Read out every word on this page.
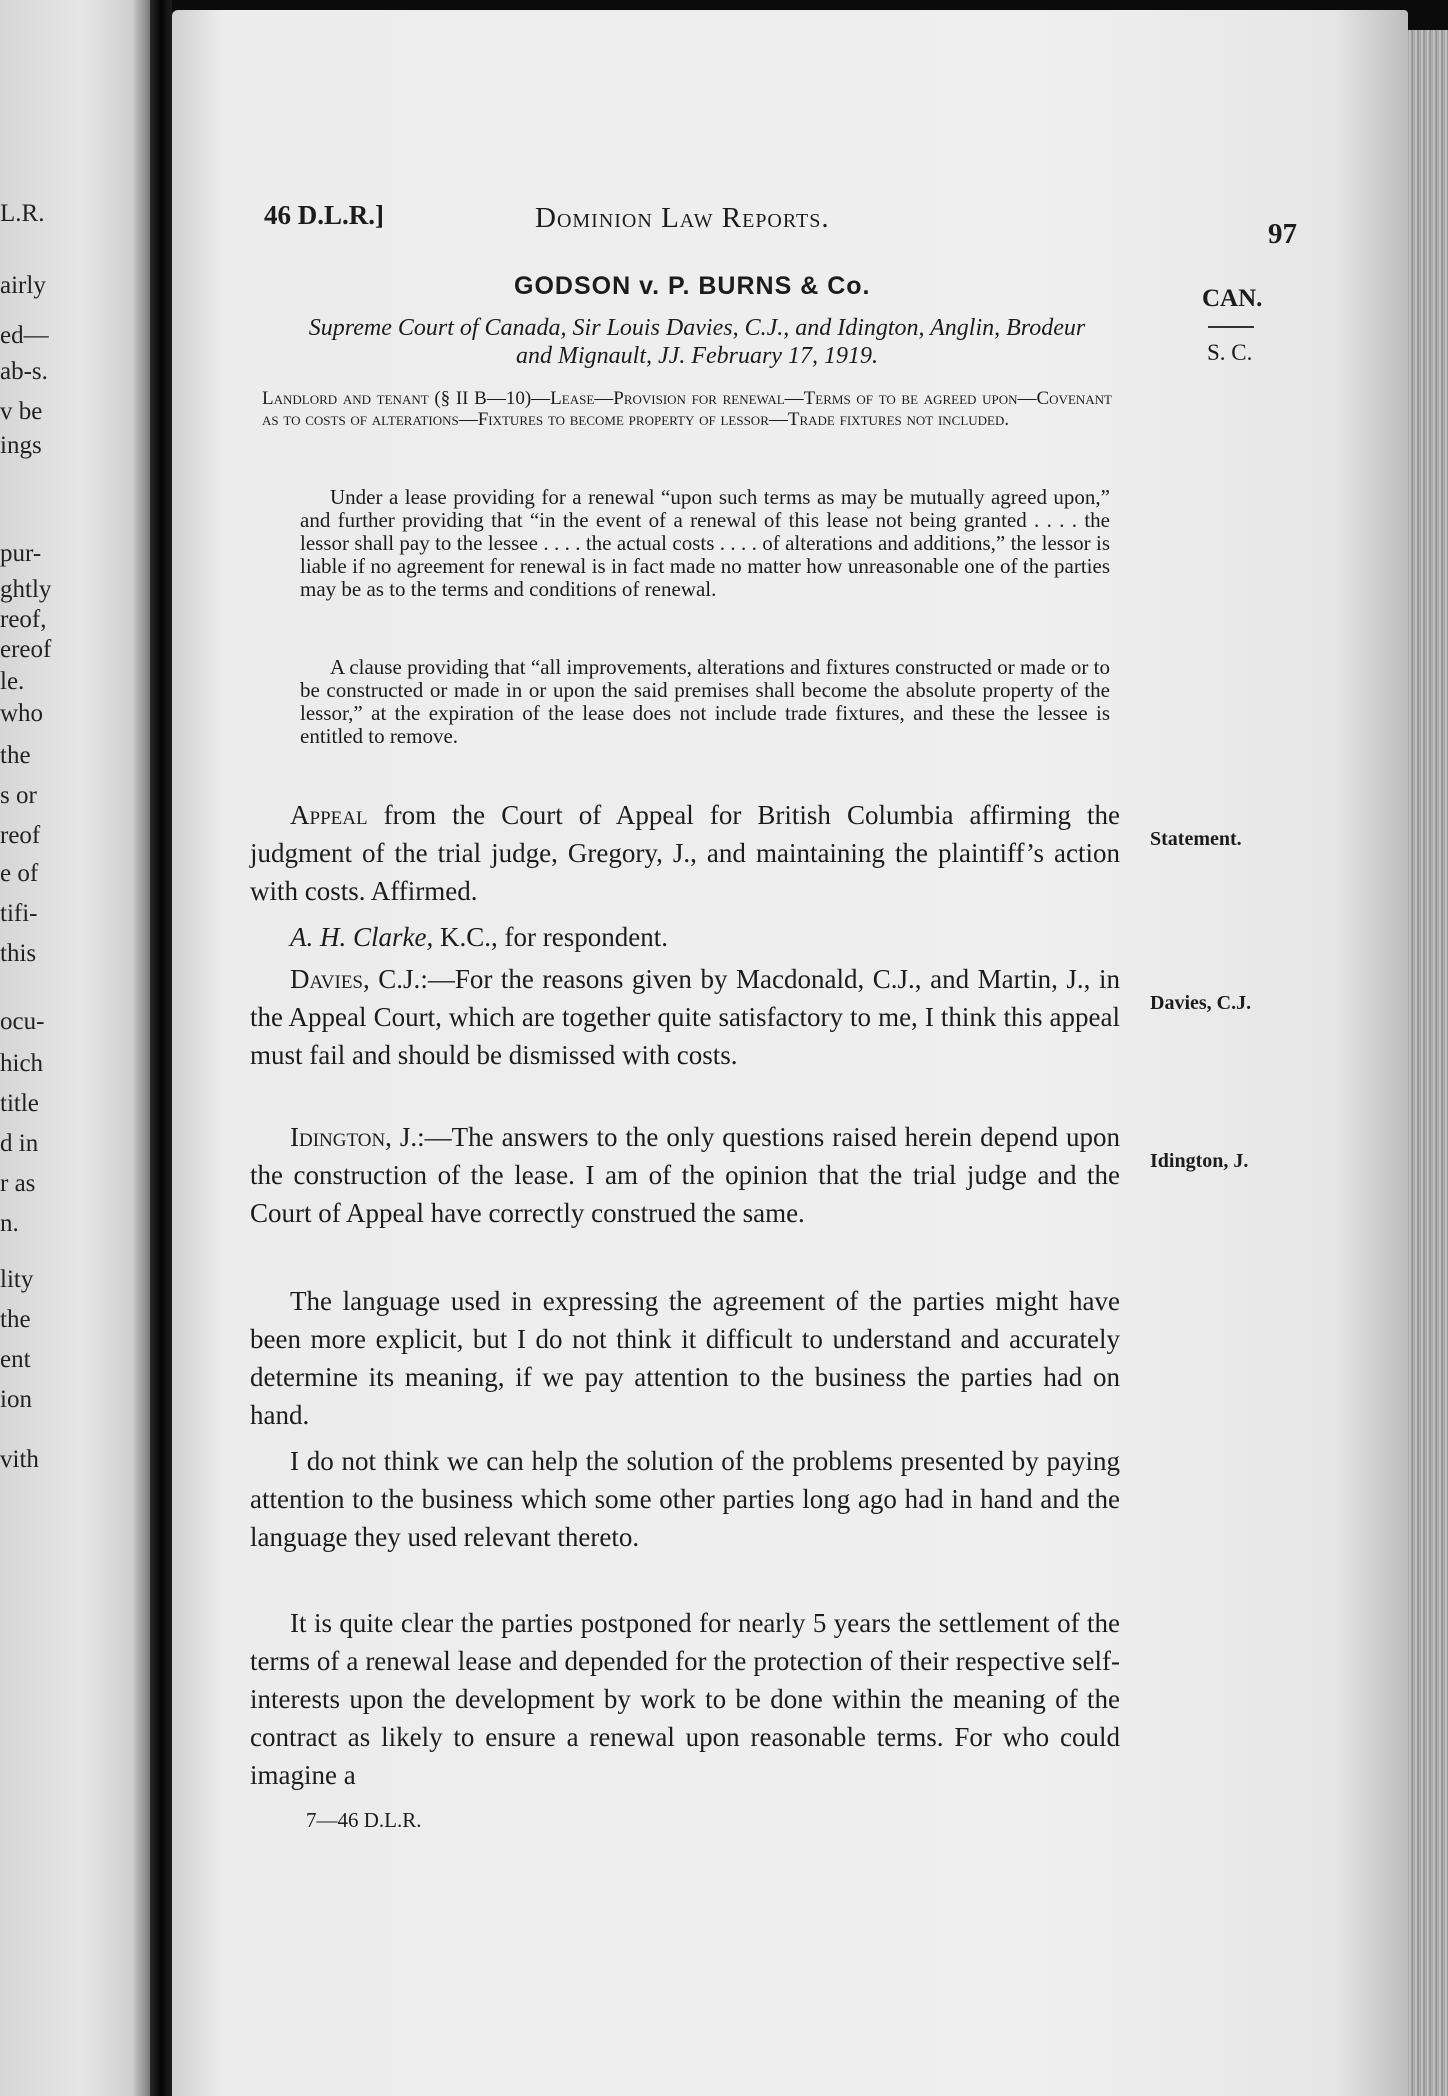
L.R.
airly
ed—
ab-s.
v be
ings
pur-
ghtly
reof,
ereof
le.
who
the
s or
reof
e of
tifi-
this
ocu-
hich
title
d in
r as
n.
lity
the
ent
ion
vith
46 D.L.R.]	Dominion Law Reports.	97
GODSON v. P. BURNS & Co.
Supreme Court of Canada, Sir Louis Davies, C.J., and Idington, Anglin, Brodeur and Mignault, JJ. February 17, 1919.
CAN.
S. C.
Landlord and tenant (§ II B—10)—Lease—Provision for renewal—Terms of to be agreed upon—Covenant as to costs of alterations—Fixtures to become property of lessor—Trade fixtures not included.

Under a lease providing for a renewal “upon such terms as may be mutually agreed upon,” and further providing that “in the event of a renewal of this lease not being granted . . . . the lessor shall pay to the lessee . . . . the actual costs . . . . of alterations and additions,” the lessor is liable if no agreement for renewal is in fact made no matter how unreasonable one of the parties may be as to the terms and conditions of renewal.

A clause providing that “all improvements, alterations and fixtures constructed or made or to be constructed or made in or upon the said premises shall become the absolute property of the lessor,” at the expiration of the lease does not include trade fixtures, and these the lessee is entitled to remove.

Appeal from the Court of Appeal for British Columbia affirming the judgment of the trial judge, Gregory, J., and maintaining the plaintiff’s action with costs. Affirmed.

A. H. Clarke, K.C., for respondent.

Davies, C.J.:—For the reasons given by Macdonald, C.J., and Martin, J., in the Appeal Court, which are together quite satisfactory to me, I think this appeal must fail and should be dismissed with costs.

Idington, J.:—The answers to the only questions raised herein depend upon the construction of the lease. I am of the opinion that the trial judge and the Court of Appeal have correctly construed the same.

The language used in expressing the agreement of the parties might have been more explicit, but I do not think it difficult to understand and accurately determine its meaning, if we pay attention to the business the parties had on hand.

I do not think we can help the solution of the problems presented by paying attention to the business which some other parties long ago had in hand and the language they used relevant thereto.

It is quite clear the parties postponed for nearly 5 years the settlement of the terms of a renewal lease and depended for the protection of their respective self-interests upon the development by work to be done within the meaning of the contract as likely to ensure a renewal upon reasonable terms. For who could imagine a

Statement.
Davies, C.J.
Idington, J.
7—46 D.L.R.
